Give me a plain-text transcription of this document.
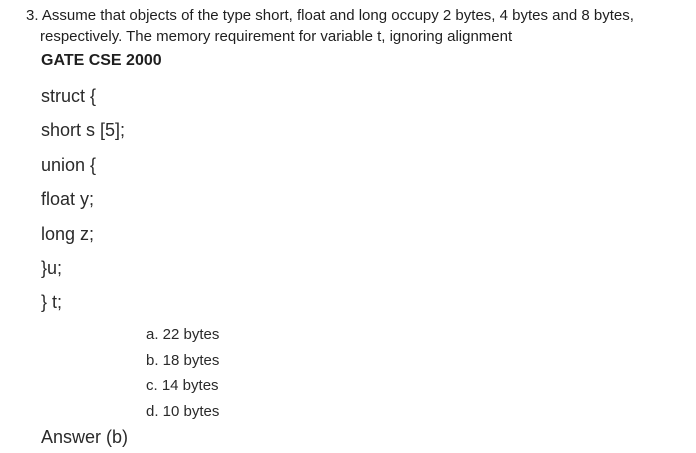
3. Assume that objects of the type short, float and long occupy 2 bytes, 4 bytes and 8 bytes,
respectively. The memory requirement for variable t, ignoring alignment
GATE CSE 2000
struct {
short s [5];
union {
float y;
long z;
}u;
} t;
a. 22 bytes
b. 18 bytes
c. 14 bytes
d. 10 bytes
Answer (b)
